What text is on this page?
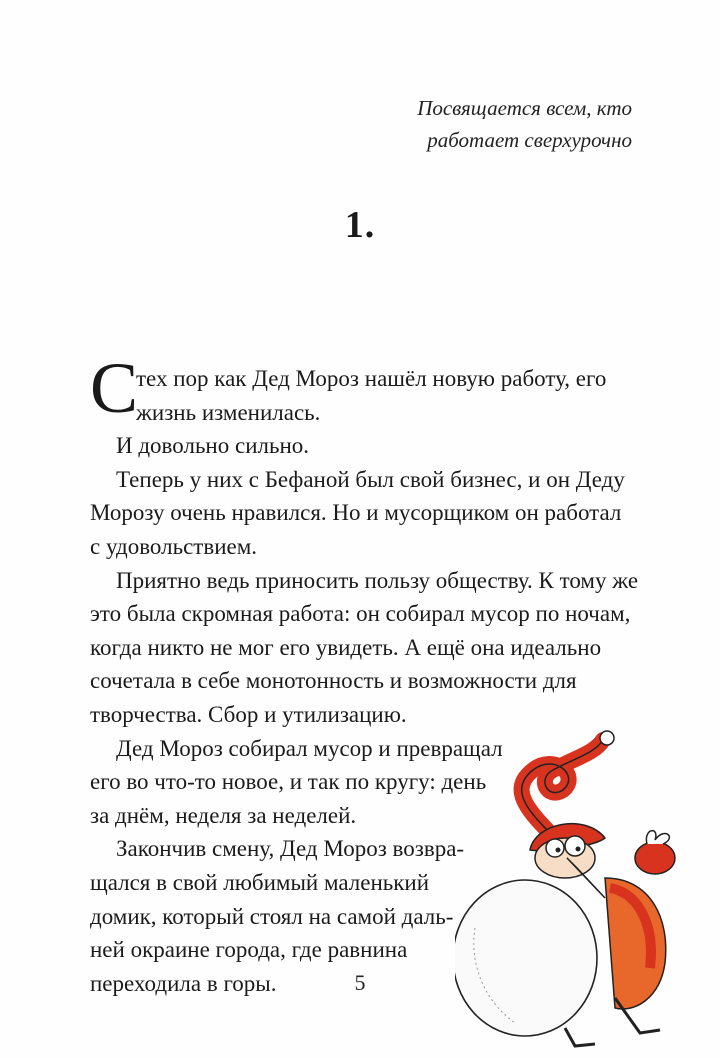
Посвящается всем, кто
работает сверхурочно
1.
С
тех пор как Дед Мороз нашёл новую работу, его
жизнь изменилась.
И довольно сильно.
Теперь у них с Бефаной был свой бизнес, и он Деду
Морозу очень нравился. Но и мусорщиком он работал
с удовольствием.
Приятно ведь приносить пользу обществу. К тому же
это была скромная работа: он собирал мусор по ночам,
когда никто не мог его увидеть. А ещё она идеально
сочетала в себе монотонность и возможности для
творчества. Сбор и утилизацию.
Дед Мороз собирал мусор и превращал
его во что-то новое, и так по кругу: день
за днём, неделя за неделей.
Закончив смену, Дед Мороз возвра-
щался в свой любимый маленький
домик, который стоял на самой даль-
ней окраине города, где равнина
переходила в горы.	5
